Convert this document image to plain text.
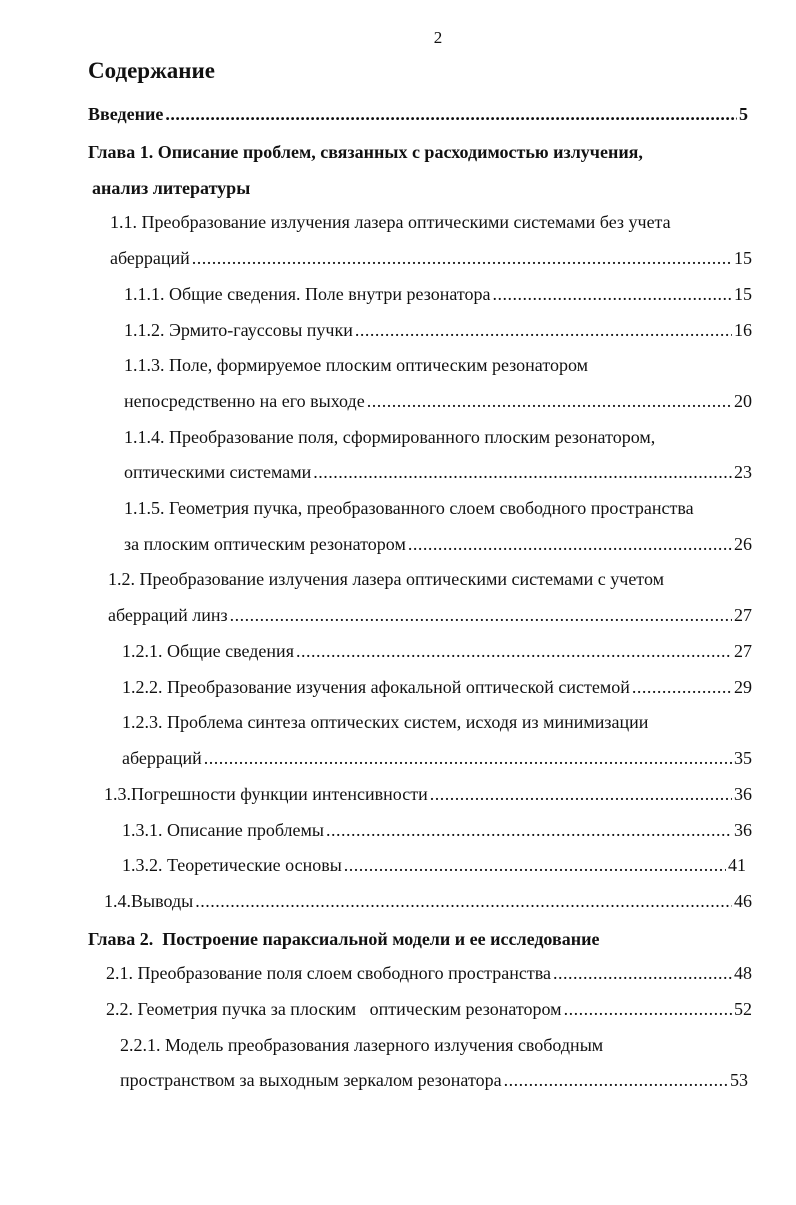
2
Содержание
Введение .....	5
Глава 1. Описание проблем, связанных с расходимостью излучения,
анализ литературы
1.1. Преобразование излучения лазера оптическими системами без учета
аберраций .....	15
1.1.1. Общие сведения. Поле внутри резонатора .....	15
1.1.2. Эрмито-гауссовы пучки .....	16
1.1.3. Поле, формируемое плоским оптическим резонатором
непосредственно на его выходе .....	20
1.1.4. Преобразование поля, сформированного плоским резонатором,
оптическими системами .....	23
1.1.5. Геометрия пучка, преобразованного слоем свободного пространства
за плоским оптическим резонатором .....	26
1.2. Преобразование излучения лазера оптическими системами с учетом
аберраций линз .....	27
1.2.1. Общие сведения .....	27
1.2.2. Преобразование изучения афокальной оптической системой .....	29
1.2.3. Проблема синтеза оптических систем, исходя из минимизации
аберраций .....	35
1.3. Погрешности функции интенсивности .....	36
1.3.1. Описание проблемы .....	36
1.3.2. Теоретические основы .....	41
1.4. Выводы .....	46
Глава 2.  Построение параксиальной модели и ее исследование
2.1. Преобразование поля слоем свободного пространства .....	48
2.2. Геометрия пучка за плоским   оптическим резонатором .....	52
2.2.1. Модель преобразования лазерного излучения свободным
пространством за выходным зеркалом резонатора .....	53
